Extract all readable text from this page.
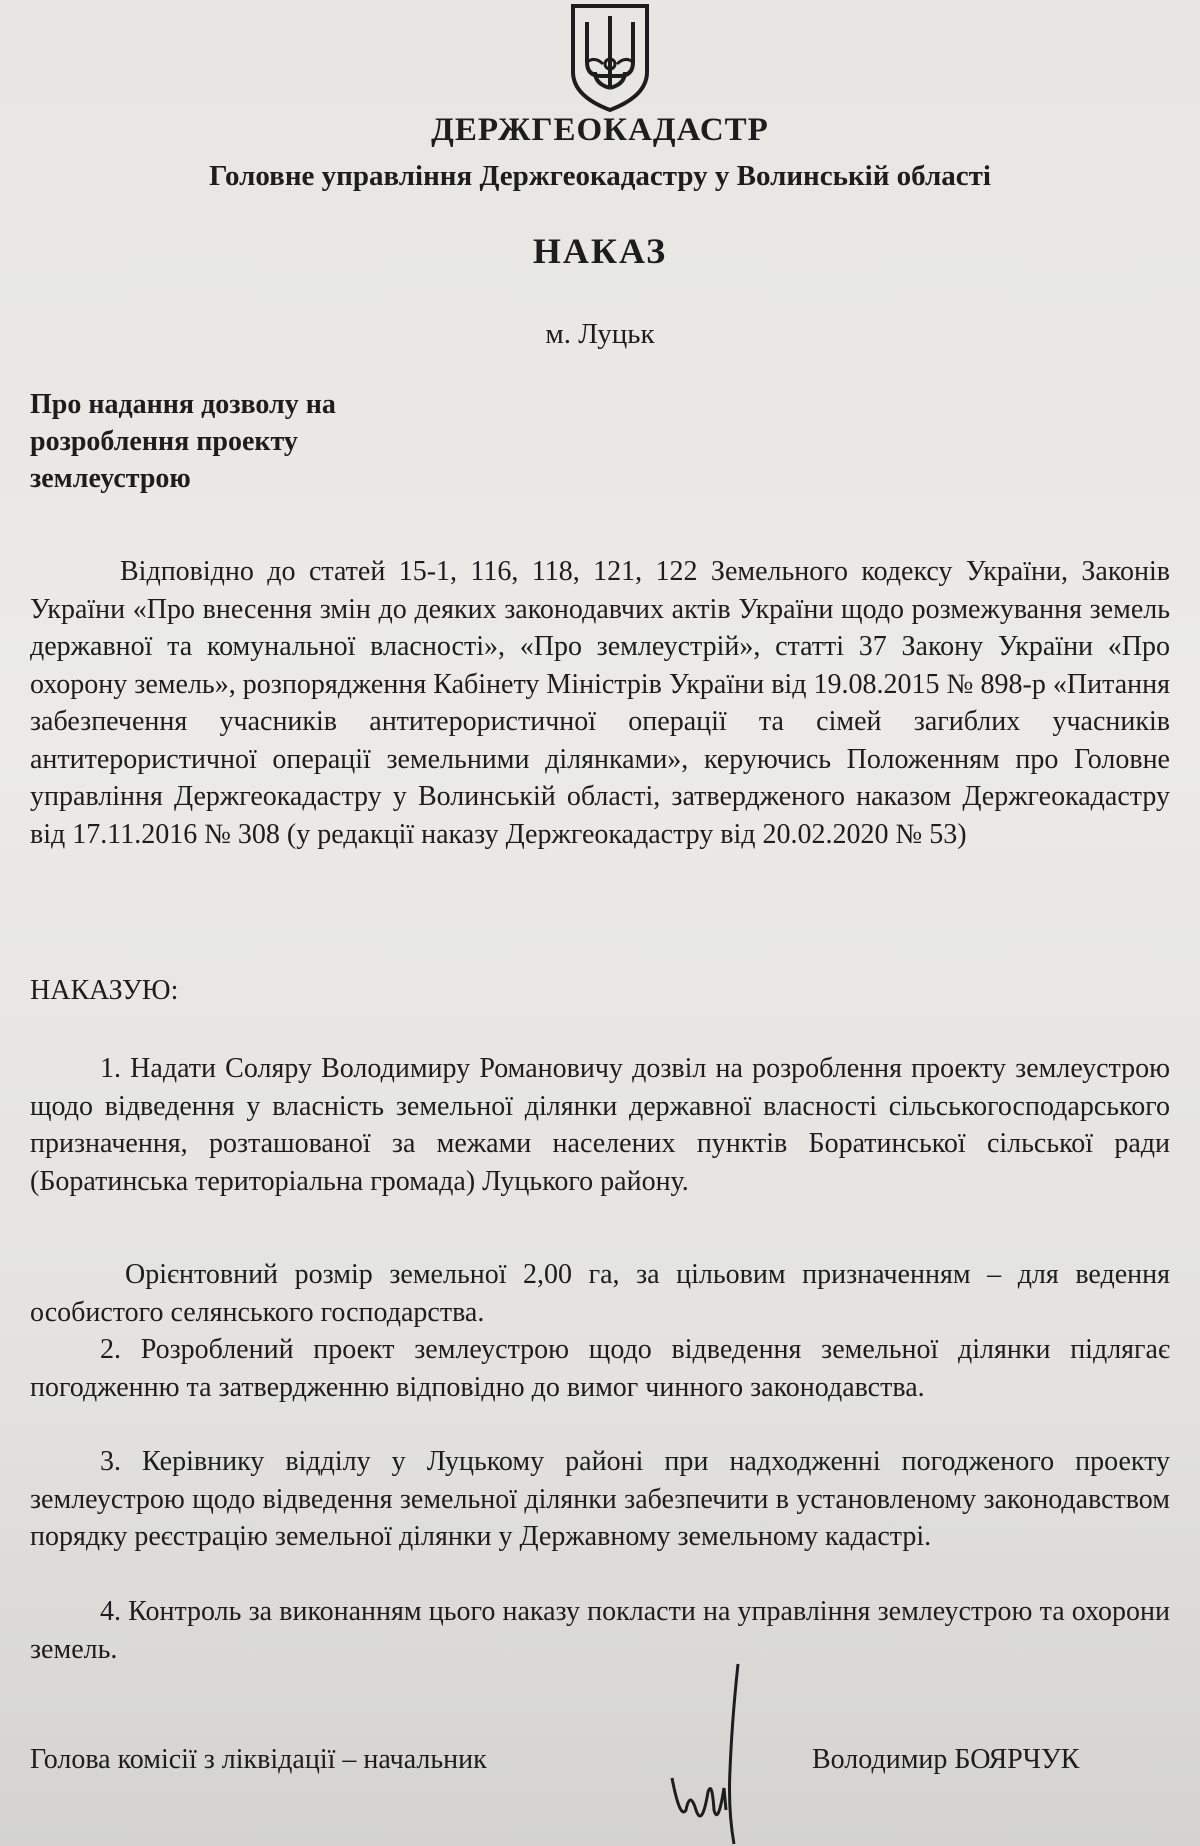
ДЕРЖГЕОКАДАСТР
Головне управління Держгеокадастру у Волинській області
НАКАЗ
м. Луцьк
Про надання дозволу на
розроблення проекту
землеустрою

Відповідно до статей 15-1, 116, 118, 121, 122 Земельного кодексу України, Законів України «Про внесення змін до деяких законодавчих актів України щодо розмежування земель державної та комунальної власності», «Про землеустрій», статті 37 Закону України «Про охорону земель», розпорядження Кабінету Міністрів України від 19.08.2015 № 898-р «Питання забезпечення учасників антитерористичної операції та сімей загиблих учасників антитерористичної операції земельними ділянками», керуючись Положенням про Головне управління Держгеокадастру у Волинській області, затвердженого наказом Держгеокадастру від 17.11.2016 № 308 (у редакції наказу Держгеокадастру від 20.02.2020 № 53)

НАКАЗУЮ:

1. Надати Соляру Володимиру Романовичу дозвіл на розроблення проекту землеустрою щодо відведення у власність земельної ділянки державної власності сільськогосподарського призначення, розташованої за межами населених пунктів Боратинської сільської ради (Боратинська територіальна громада) Луцького району.

Орієнтовний розмір земельної 2,00 га, за цільовим призначенням – для ведення особистого селянського господарства.

2. Розроблений проект землеустрою щодо відведення земельної ділянки підлягає погодженню та затвердженню відповідно до вимог чинного законодавства.

3. Керівнику відділу у Луцькому районі при надходженні погодженого проекту землеустрою щодо відведення земельної ділянки забезпечити в установленому законодавством порядку реєстрацію земельної ділянки у Державному земельному кадастрі.

4. Контроль за виконанням цього наказу покласти на управління землеустрою та охорони земель.

Голова комісії з ліквідації – начальник	Володимир БОЯРЧУК
